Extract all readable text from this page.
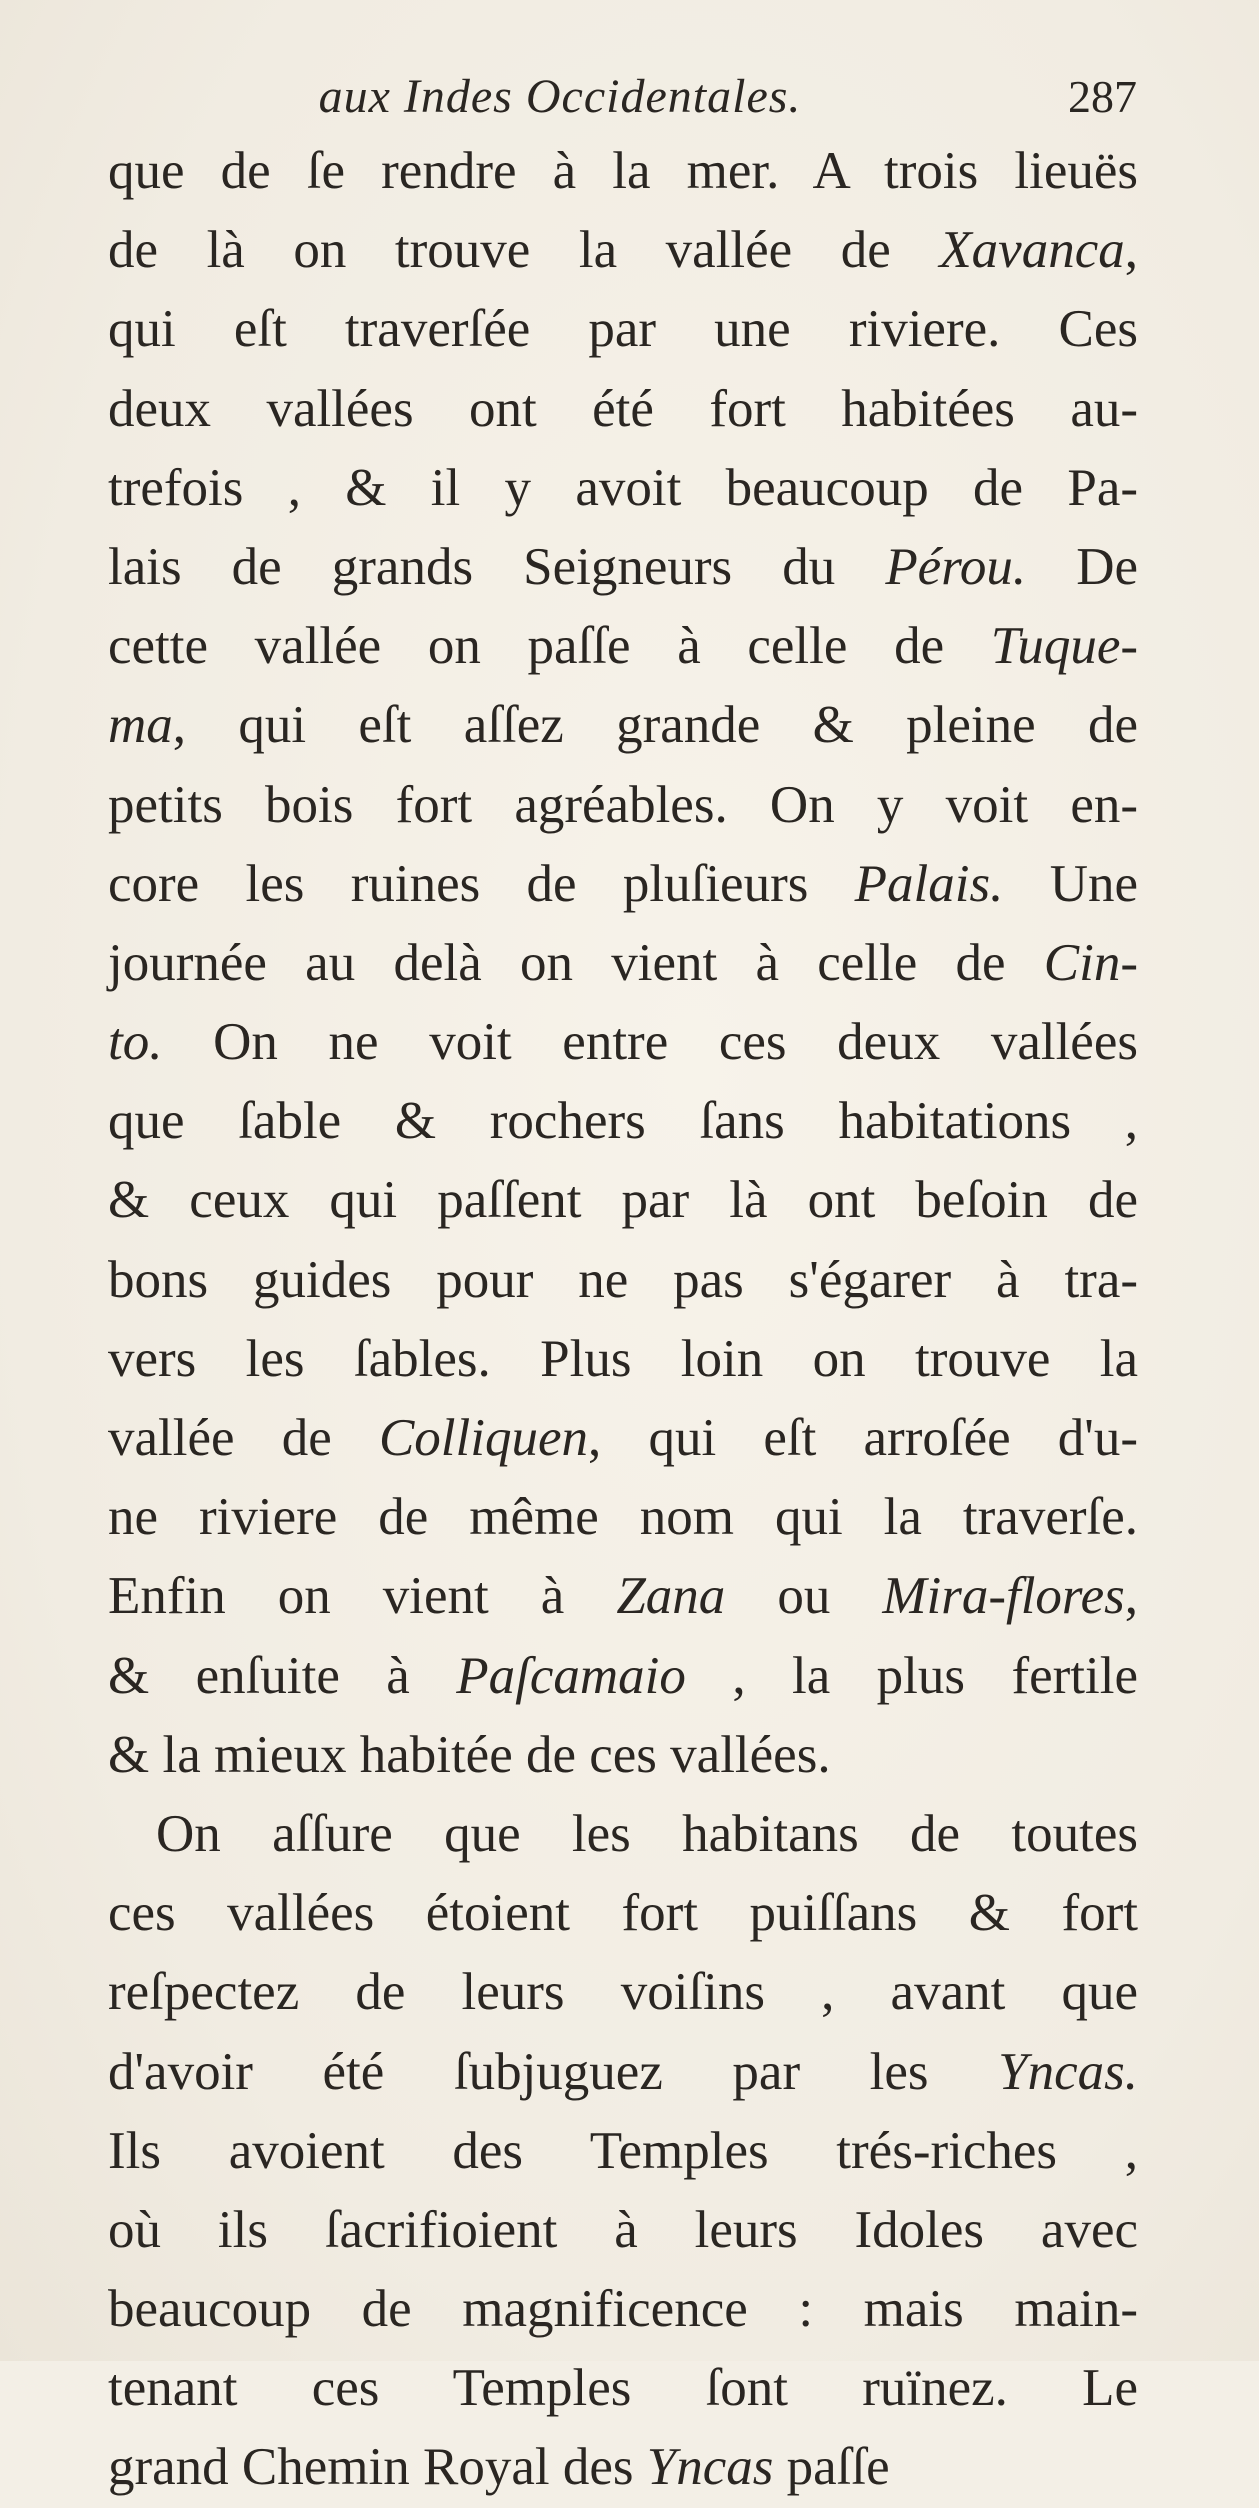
aux Indes Occidentales.	287
que de ſe rendre à la mer. A trois lieuës
de là on trouve la vallée de Xavanca,
qui eſt traverſée par une riviere. Ces
deux vallées ont été fort habitées au-
trefois , & il y avoit beaucoup de Pa-
lais de grands Seigneurs du Pérou. De
cette vallée on paſſe à celle de Tuque-
ma, qui eſt aſſez grande & pleine de
petits bois fort agréables. On y voit en-
core les ruines de pluſieurs Palais. Une
journée au delà on vient à celle de Cin-
to. On ne voit entre ces deux vallées
que ſable & rochers ſans habitations ,
& ceux qui paſſent par là ont beſoin de
bons guides pour ne pas s'égarer à tra-
vers les ſables. Plus loin on trouve la
vallée de Colliquen, qui eſt arroſée d'u-
ne riviere de même nom qui la traverſe.
Enfin on vient à Zana ou Mira-flores,
& enſuite à Paſcamaio , la plus fertile
& la mieux habitée de ces vallées.
On aſſure que les habitans de toutes
ces vallées étoient fort puiſſans & fort
reſpectez de leurs voiſins , avant que
d'avoir été ſubjuguez par les Yncas.
Ils avoient des Temples trés-riches ,
où ils ſacrifioient à leurs Idoles avec
beaucoup de magnificence : mais main-
tenant ces Temples ſont ruïnez. Le
grand Chemin Royal des Yncas paſſe
